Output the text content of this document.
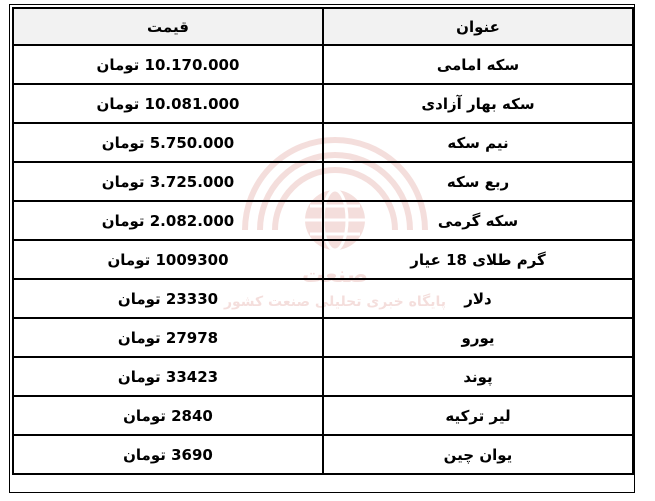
صنعت
پایگاه خبری تحلیلی صنعت کشور
عنوان	قیمت
سکه امامی	10.170.000 تومان
سکه بهار آزادی	10.081.000 تومان
نیم سکه	5.750.000 تومان
ربع سکه	3.725.000 تومان
سکه گرمی	2.082.000 تومان
گرم طلای 18 عیار	1009300 تومان
دلار	23330 تومان
یورو	27978 تومان
پوند	33423 تومان
لیر ترکیه	2840 تومان
یوان چین	3690 تومان
